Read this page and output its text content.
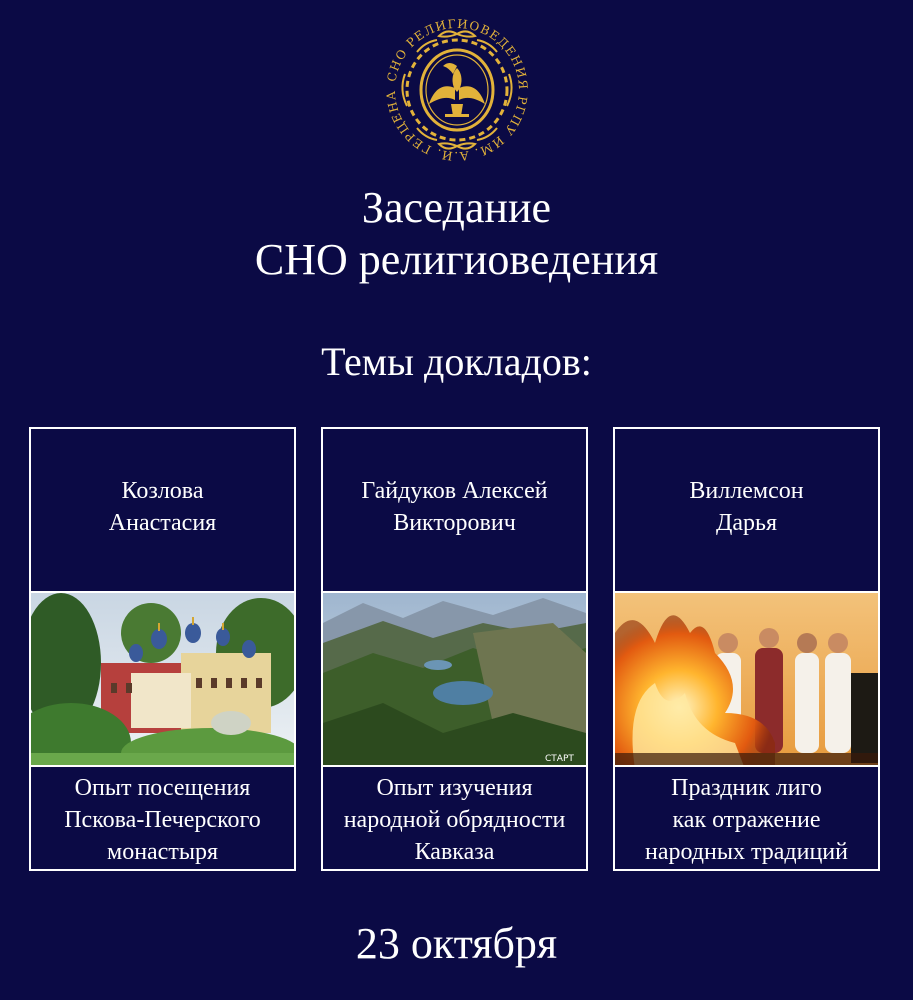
СНО РЕЛИГИОВЕДЕНИЯ РГПУ ИМ. А.И. ГЕРЦЕНА
Заседание
СНО религиоведения
Темы докладов:
Козлова
Анастасия
Опыт посещения
Пскова-Печерского
монастыря
Гайдуков Алексей
Викторович
СТАРТ
Опыт изучения
народной обрядности
Кавказа
Виллемсон
Дарья
Праздник лиго
как отражение
народных традиций
23 октября
